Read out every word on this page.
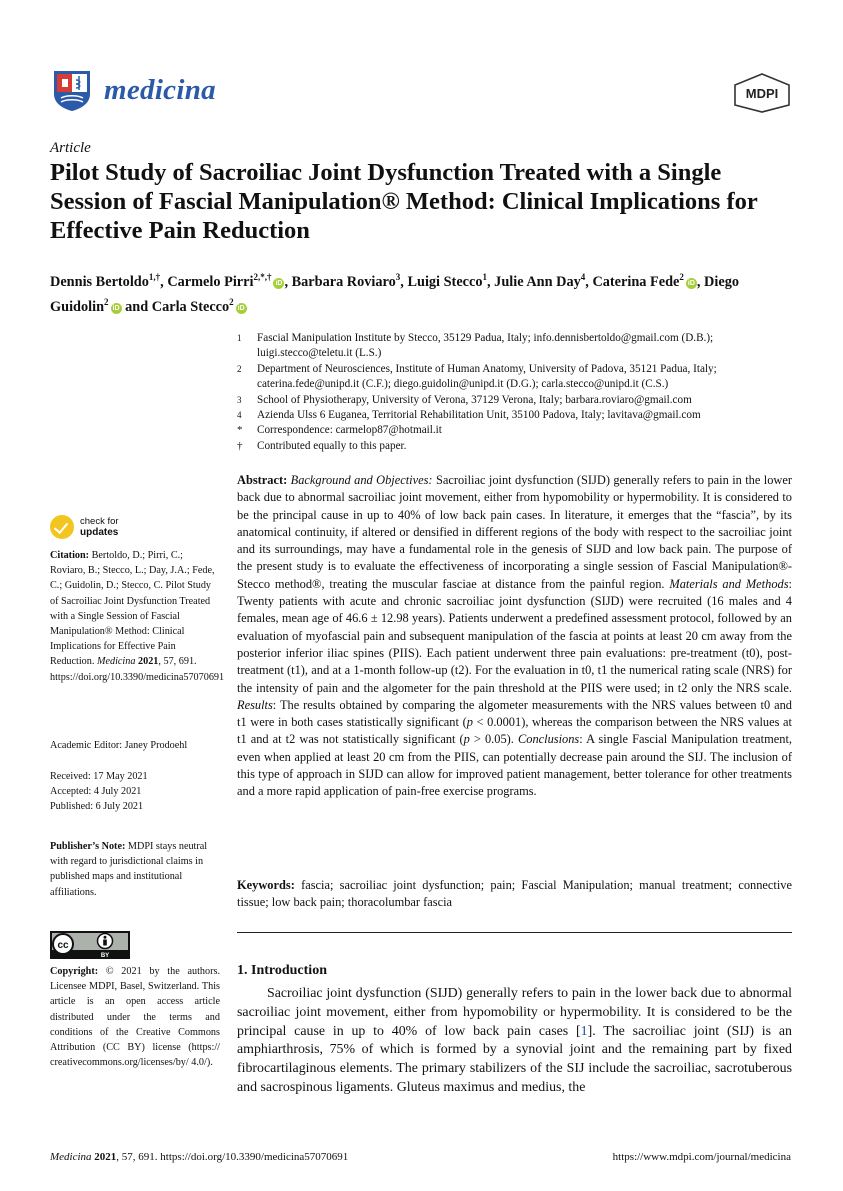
medicina	MDPI
Article
Pilot Study of Sacroiliac Joint Dysfunction Treated with a Single Session of Fascial Manipulation® Method: Clinical Implications for Effective Pain Reduction
Dennis Bertoldo$^{1,\dagger}$, Carmelo Pirri$^{2,*,\dagger}$iD , Barbara Roviaro$^3$, Luigi Stecco$^1$, Julie Ann Day$^4$, Caterina Fede$^2$iD , Diego Guidolin$^2$iD and Carla Stecco$^2$iD
1	Fascial Manipulation Institute by Stecco, 35129 Padua, Italy; info.dennisbertoldo@gmail.com (D.B.); luigi.stecco@teletu.it (L.S.)
2	Department of Neurosciences, Institute of Human Anatomy, University of Padova, 35121 Padua, Italy; caterina.fede@unipd.it (C.F.); diego.guidolin@unipd.it (D.G.); carla.stecco@unipd.it (C.S.)
3	School of Physiotherapy, University of Verona, 37129 Verona, Italy; barbara.roviaro@gmail.com
4	Azienda Ulss 6 Euganea, Territorial Rehabilitation Unit, 35100 Padova, Italy; lavitava@gmail.com
*	Correspondence: carmelop87@hotmail.it
†	Contributed equally to this paper.
check for
updates
Citation: Bertoldo, D.; Pirri, C.; Roviaro, B.; Stecco, L.; Day, J.A.; Fede, C.; Guidolin, D.; Stecco, C. Pilot Study of Sacroiliac Joint Dysfunction Treated with a Single Session of Fascial Manipulation® Method: Clinical Implications for Effective Pain Reduction. Medicina 2021, 57, 691. https://doi.org/10.3390/medicina57070691
Academic Editor: Janey Prodoehl
Received: 17 May 2021
Accepted: 4 July 2021
Published: 6 July 2021
Publisher’s Note: MDPI stays neutral with regard to jurisdictional claims in published maps and institutional affiliations.
cc
BY
Copyright: © 2021 by the authors. Licensee MDPI, Basel, Switzerland. This article is an open access article distributed under the terms and conditions of the Creative Commons Attribution (CC BY) license (https:// creativecommons.org/licenses/by/ 4.0/).
Abstract: Background and Objectives: Sacroiliac joint dysfunction (SIJD) generally refers to pain in the lower back due to abnormal sacroiliac joint movement, either from hypomobility or hypermobility. It is considered to be the principal cause in up to 40% of low back pain cases. In literature, it emerges that the “fascia”, by its anatomical continuity, if altered or densified in different regions of the body with respect to the sacroiliac joint and its surroundings, may have a fundamental role in the genesis of SIJD and low back pain. The purpose of the present study is to evaluate the effectiveness of incorporating a single session of Fascial Manipulation®-Stecco method®, treating the muscular fasciae at distance from the painful region. Materials and Methods: Twenty patients with acute and chronic sacroiliac joint dysfunction (SIJD) were recruited (16 males and 4 females, mean age of 46.6 ± 12.98 years). Patients underwent a predefined assessment protocol, followed by an evaluation of myofascial pain and subsequent manipulation of the fascia at points at least 20 cm away from the posterior inferior iliac spines (PIIS). Each patient underwent three pain evaluations: pre-treatment (t0), post-treatment (t1), and at a 1-month follow-up (t2). For the evaluation in t0, t1 the numerical rating scale (NRS) for the intensity of pain and the algometer for the pain threshold at the PIIS were used; in t2 only the NRS scale. Results: The results obtained by comparing the algometer measurements with the NRS values between t0 and t1 were in both cases statistically significant (p < 0.0001), whereas the comparison between the NRS values at t1 and at t2 was not statistically significant (p > 0.05). Conclusions: A single Fascial Manipulation treatment, even when applied at least 20 cm from the PIIS, can potentially decrease pain around the SIJ. The inclusion of this type of approach in SIJD can allow for improved patient management, better tolerance for other treatments and a more rapid application of pain-free exercise programs.
Keywords: fascia; sacroiliac joint dysfunction; pain; Fascial Manipulation; manual treatment; connective tissue; low back pain; thoracolumbar fascia
1. Introduction
Sacroiliac joint dysfunction (SIJD) generally refers to pain in the lower back due to abnormal sacroiliac joint movement, either from hypomobility or hypermobility. It is considered to be the principal cause in up to 40% of low back pain cases [1]. The sacroiliac joint (SIJ) is an amphiarthrosis, 75% of which is formed by a synovial joint and the remaining part by fixed fibrocartilaginous elements. The primary stabilizers of the SIJ include the sacroiliac, sacrotuberous and sacrospinous ligaments. Gluteus maximus and medius, the
Medicina 2021, 57, 691. https://doi.org/10.3390/medicina57070691	https://www.mdpi.com/journal/medicina
